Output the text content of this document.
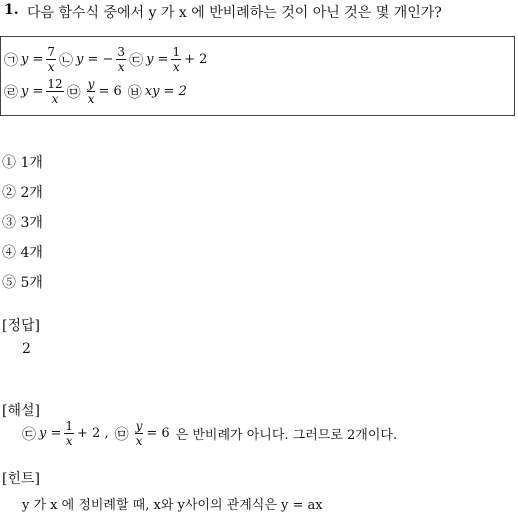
1. 다음 함수식 중에서 y 가 x 에 반비례하는 것이 아닌 것은 몇 개인가?
㉠ $y = \frac{7}{x}$ ㉡ y = − $\frac{3}{x}$ ㉢ $y = \frac{1}{x} + 2$
㉣ $y = \frac{12}{x}$ ㉤ $\frac{y}{x} = 6$ ㉥ xy = 2
① 1개
② 2개
③ 3개
④ 4개
⑤ 5개
[정답]
2
[해설]
㉢ $y = \frac{1}{x} + 2$ , ㉤ $\frac{y}{x} = 6$ 은 반비례가 아니다. 그러므로 2개이다.
[힌트]
y 가 x 에 정비례할 때, x와 y사이의 관계식은 y = ax
